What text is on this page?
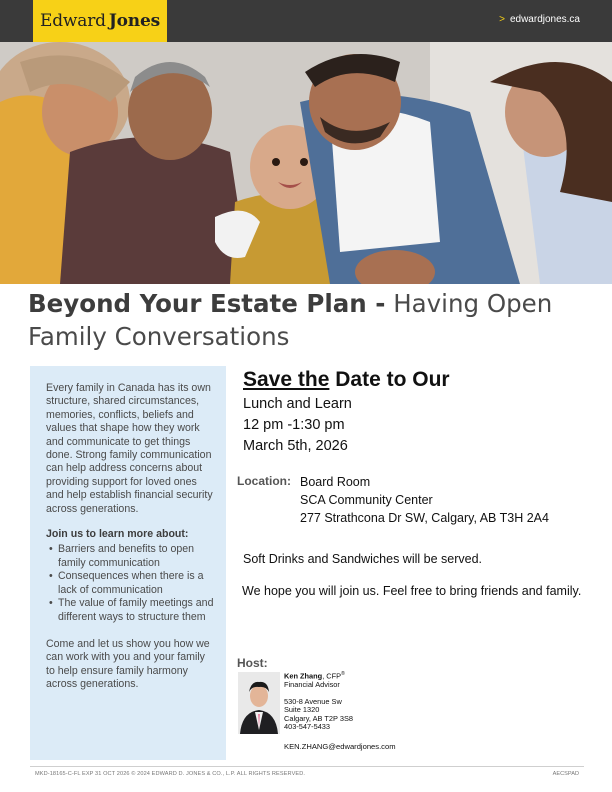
Edward Jones	> edwardjones.ca
Beyond Your Estate Plan - Having Open Family Conversations

Every family in Canada has its own structure, shared circumstances, memories, conflicts, beliefs and values that shape how they work and communicate to get things done. Strong family communication can help address concerns about providing support for loved ones and help establish financial security across generations.

Join us to learn more about:
• Barriers and benefits to open family communication
• Consequences when there is a lack of communication
• The value of family meetings and different ways to structure them

Come and let us show you how we can work with you and your family to help ensure family harmony across generations.

Save the Date to Our
Lunch and Learn
12 pm -1:30 pm
March 5th, 2026
Location: Board Room
SCA Community Center
277 Strathcona Dr SW, Calgary, AB T3H 2A4
Soft Drinks and Sandwiches will be served.
We hope you will join us. Feel free to bring friends and family.
Host:
Ken Zhang, CFP®
Financial Advisor
530-8 Avenue Sw
Suite 1320
Calgary, AB T2P 3S8
403-547-5433
KEN.ZHANG@edwardjones.com
MKD-18165-C-FL EXP 31 OCT 2026 © 2024 EDWARD D. JONES & CO., L.P. ALL RIGHTS RESERVED.	AECSPAD
